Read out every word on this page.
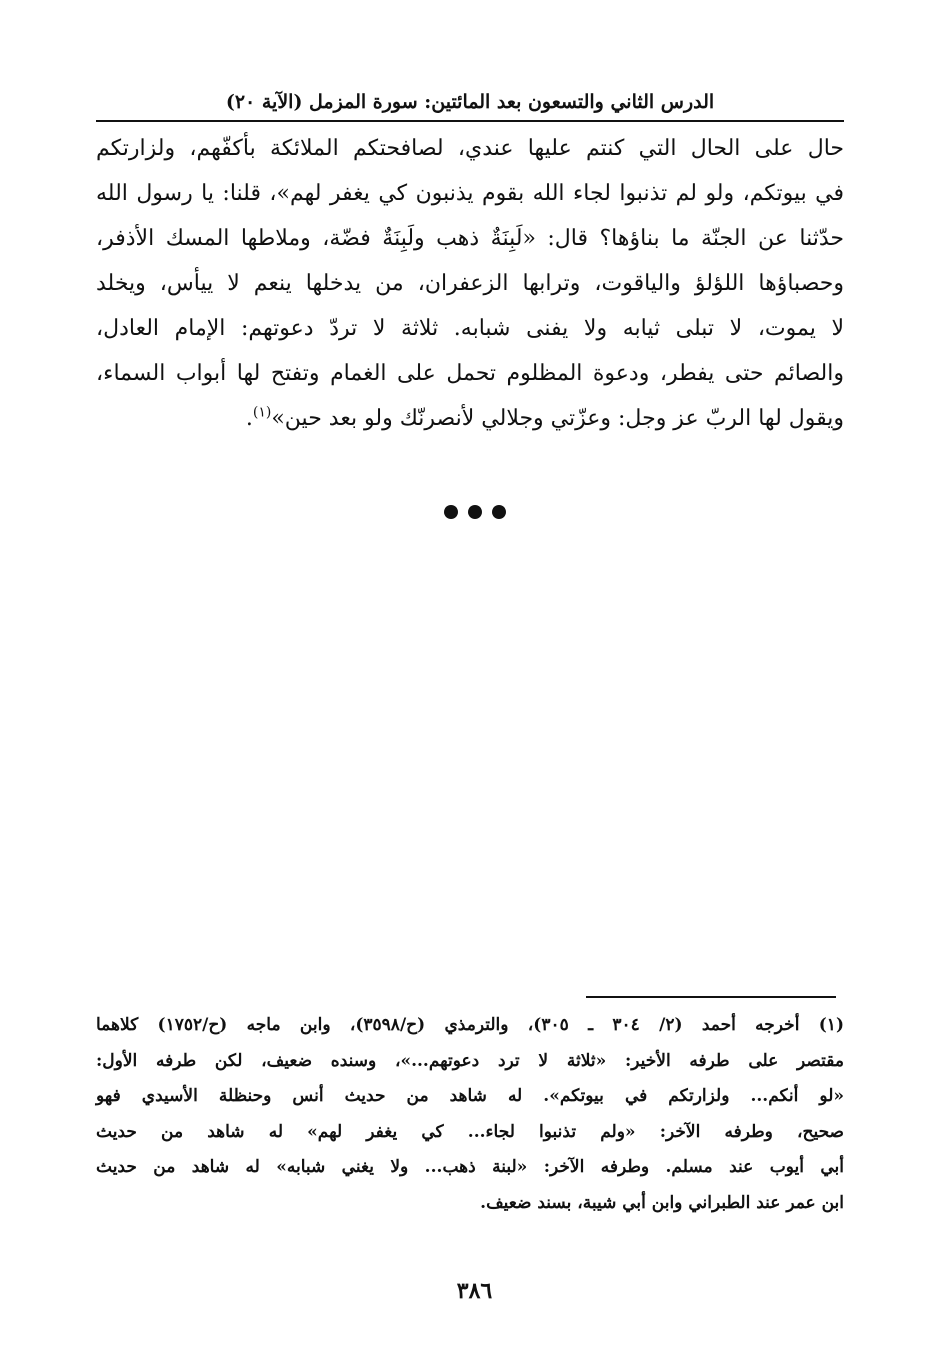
الدرس الثاني والتسعون بعد المائتين: سورة المزمل (الآية ٢٠)
حال على الحال التي كنتم عليها عندي، لصافحتكم الملائكة بأكفّهم، ولزارتكم
في بيوتكم، ولو لم تذنبوا لجاء الله بقوم يذنبون كي يغفر لهم»، قلنا: يا رسول الله
حدّثنا عن الجنّة ما بناؤها؟ قال: «لَبِنَةٌ ذهب ولَبِنَةٌ فضّة، وملاطها المسك الأذفر،
وحصباؤها اللؤلؤ والياقوت، وترابها الزعفران، من يدخلها ينعم لا ييأس، ويخلد
لا يموت، لا تبلى ثيابه ولا يفنى شبابه. ثلاثة لا تردّ دعوتهم: الإمام العادل،
والصائم حتى يفطر، ودعوة المظلوم تحمل على الغمام وتفتح لها أبواب السماء،
ويقول لها الربّ عز وجل: وعزّتي وجلالي لأنصرنّك ولو بعد حين»$^{(١)}$.

(١) أخرجه أحمد (٢/ ٣٠٤ ـ ٣٠٥)، والترمذي (ح/٣٥٩٨)، وابن ماجه (ح/١٧٥٢) كلاهما
مقتصر على طرفه الأخير: «ثلاثة لا ترد دعوتهم...»، وسنده ضعيف، لكن طرفه الأول:
«لو أنكم... ولزارتكم في بيوتكم». له شاهد من حديث أنس وحنظلة الأسيدي فهو
صحيح، وطرفه الآخر: «ولم تذنبوا لجاء... كي يغفر لهم» له شاهد من حديث
أبي أيوب عند مسلم. وطرفه الآخر: «لبنة ذهب... ولا يغني شبابه» له شاهد من حديث
ابن عمر عند الطبراني وابن أبي شيبة، بسند ضعيف.
٣٨٦
